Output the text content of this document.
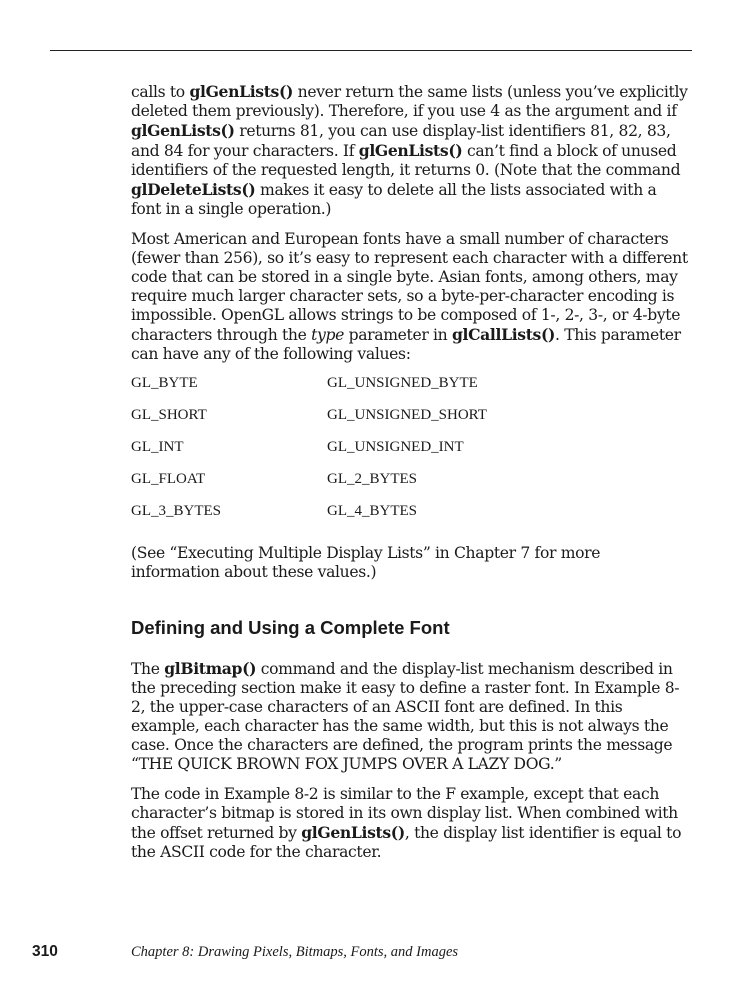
calls to glGenLists() never return the same lists (unless you’ve explicitly deleted them previously). Therefore, if you use 4 as the argument and if glGenLists() returns 81, you can use display-list identifiers 81, 82, 83, and 84 for your characters. If glGenLists() can’t find a block of unused identifiers of the requested length, it returns 0. (Note that the command glDeleteLists() makes it easy to delete all the lists associated with a font in a single operation.)

Most American and European fonts have a small number of characters (fewer than 256), so it’s easy to represent each character with a different code that can be stored in a single byte. Asian fonts, among others, may require much larger character sets, so a byte-per-character encoding is impossible. OpenGL allows strings to be composed of 1-, 2-, 3-, or 4-byte characters through the type parameter in glCallLists(). This parameter can have any of the following values:

GL_BYTE	GL_UNSIGNED_BYTE
GL_SHORT	GL_UNSIGNED_SHORT
GL_INT	GL_UNSIGNED_INT
GL_FLOAT	GL_2_BYTES
GL_3_BYTES	GL_4_BYTES

(See “Executing Multiple Display Lists” in Chapter 7 for more information about these values.)

Defining and Using a Complete Font

The glBitmap() command and the display-list mechanism described in the preceding section make it easy to define a raster font. In Example 8-2, the upper-case characters of an ASCII font are defined. In this example, each character has the same width, but this is not always the case. Once the characters are defined, the program prints the message “THE QUICK BROWN FOX JUMPS OVER A LAZY DOG.”

The code in Example 8-2 is similar to the F example, except that each character’s bitmap is stored in its own display list. When combined with the offset returned by glGenLists(), the display list identifier is equal to the ASCII code for the character.

310	Chapter 8: Drawing Pixels, Bitmaps, Fonts, and Images
